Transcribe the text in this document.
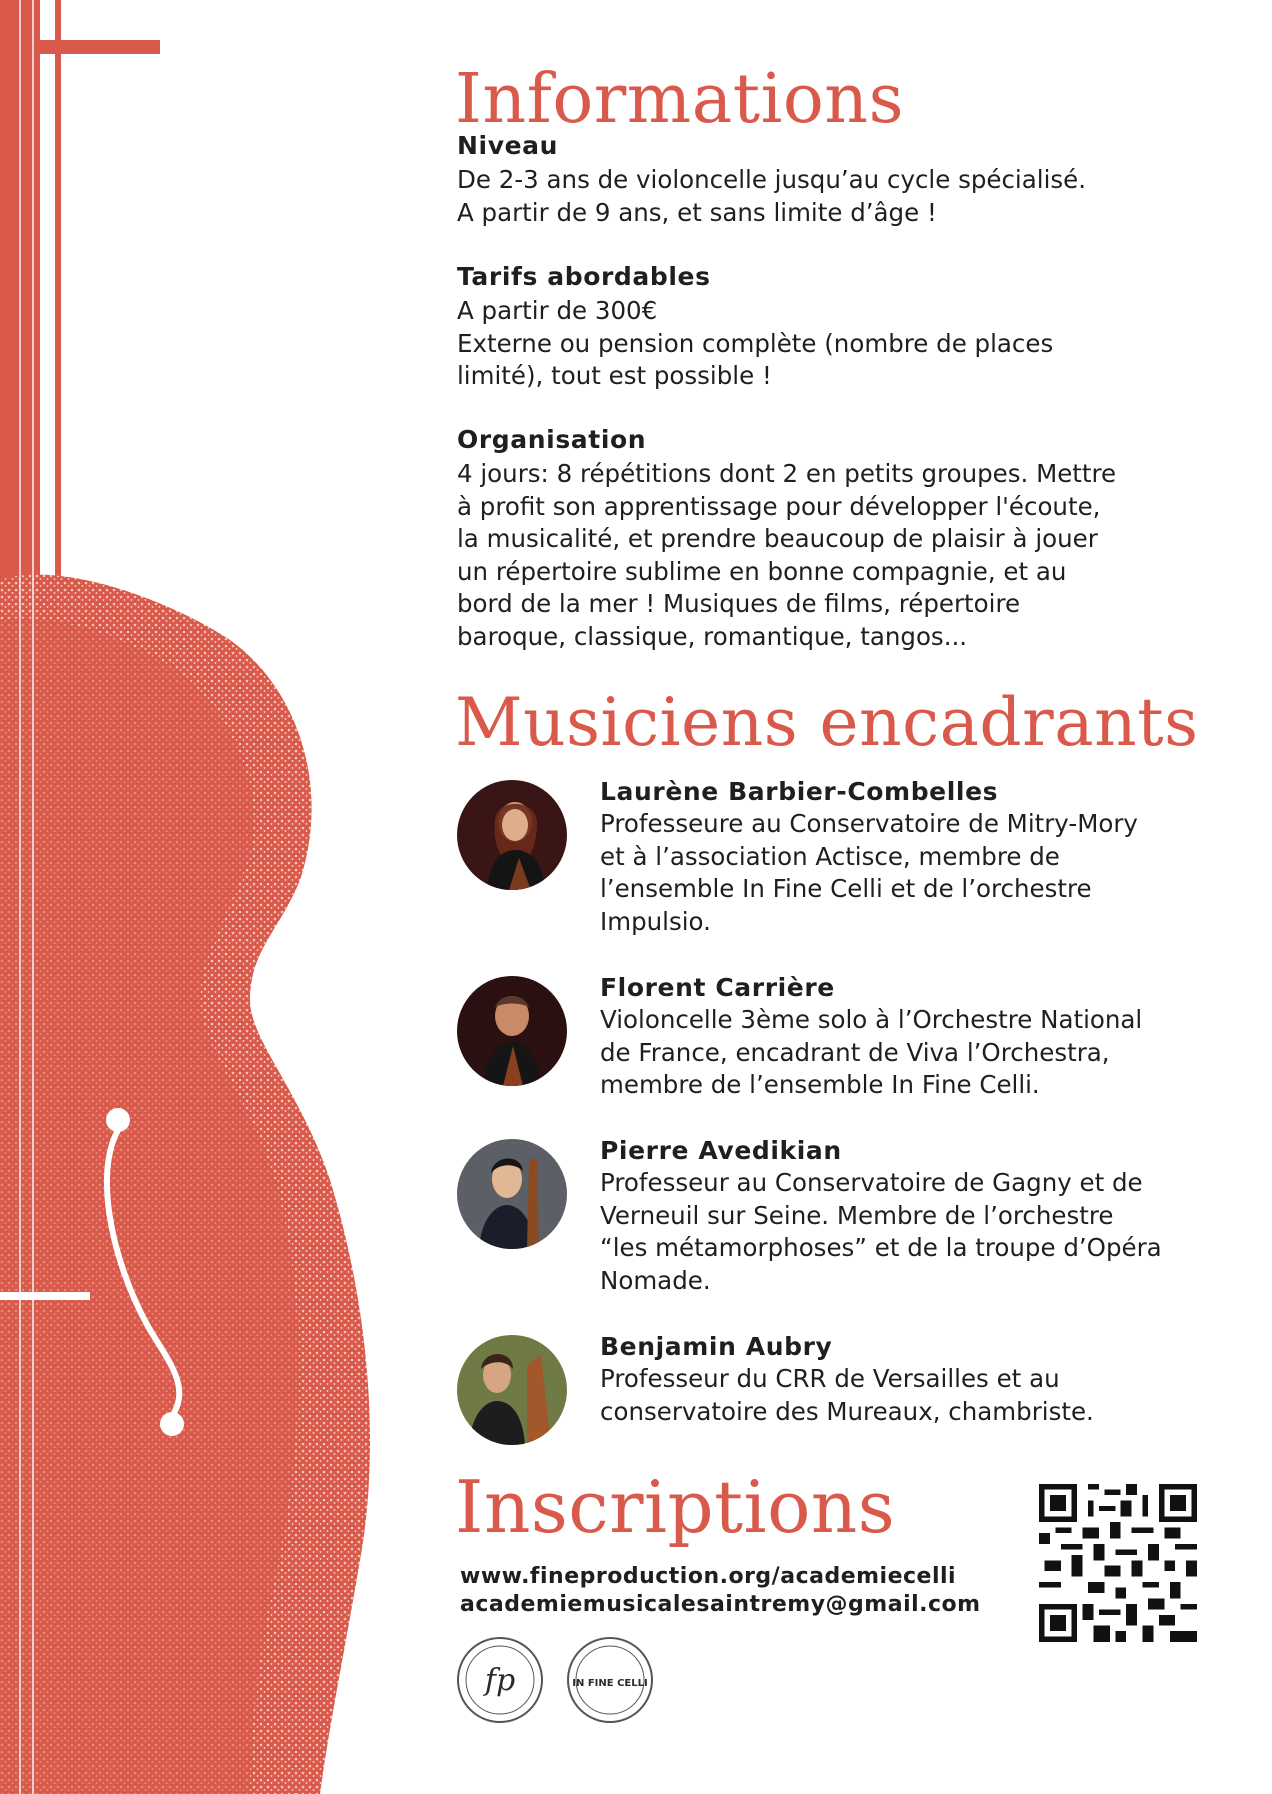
Informations

Niveau

De 2-3 ans de violoncelle jusqu’au cycle spécialisé.
A partir de 9 ans, et sans limite d’âge !

Tarifs abordables

A partir de 300€
Externe ou pension complète (nombre de places
limité), tout est possible !

Organisation

4 jours: 8 répétitions dont 2 en petits groupes. Mettre
à profit son apprentissage pour développer l'écoute,
la musicalité, et prendre beaucoup de plaisir à jouer
un répertoire sublime en bonne compagnie, et au
bord de la mer ! Musiques de films, répertoire
baroque, classique, romantique, tangos...

Musiciens encadrants

Laurène Barbier-Combelles

Professeure au Conservatoire de Mitry-Mory
et à l’association Actisce, membre de
l’ensemble In Fine Celli et de l’orchestre
Impulsio.

Florent Carrière

Violoncelle 3ème solo à l’Orchestre National
de France, encadrant de Viva l’Orchestra,
membre de l’ensemble In Fine Celli.

Pierre Avedikian

Professeur au Conservatoire de Gagny et de
Verneuil sur Seine. Membre de l’orchestre
“les métamorphoses” et de la troupe d’Opéra
Nomade.

Benjamin Aubry

Professeur du CRR de Versailles et au
conservatoire des Mureaux, chambriste.

Inscriptions
www.fineproduction.org/academiecelli
academiemusicalesaintremy@gmail.com
fp	IN FINE CELLI
